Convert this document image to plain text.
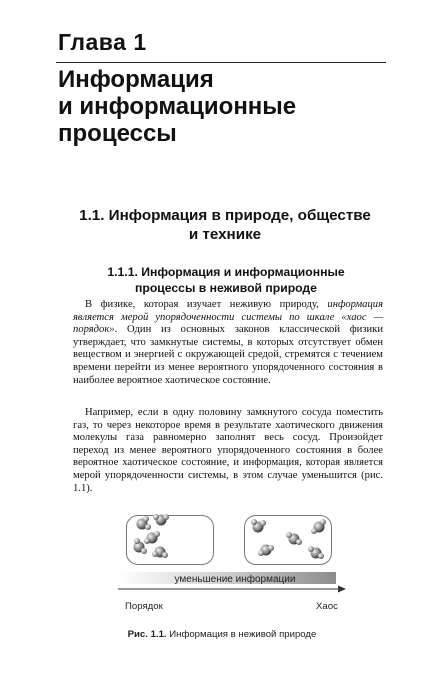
Глава 1
Информация
и информационные
процессы
1.1. Информация в природе, обществе
и технике
1.1.1. Информация и информационные
процессы в неживой природе

В физике, которая изучает неживую природу, информация является мерой упорядоченности системы по шкале «хаос — порядок». Один из основных законов классической физики утверждает, что замкнутые системы, в которых отсутствует обмен веществом и энергией с окружающей средой, стремятся с течением времени перейти из менее вероятного упорядоченного состояния в наиболее вероятное хаотическое состояние.

Например, если в одну половину замкнутого сосуда поместить газ, то через некоторое время в результате хаотического движения молекулы газа равномерно заполнят весь сосуд. Произойдет переход из менее вероятного упорядоченного состояния в более вероятное хаотическое состояние, и информация, которая является мерой упорядоченности системы, в этом случае уменьшится (рис. 1.1).

уменьшение информации
Порядок	Хаос
Рис. 1.1. Информация в неживой природе
